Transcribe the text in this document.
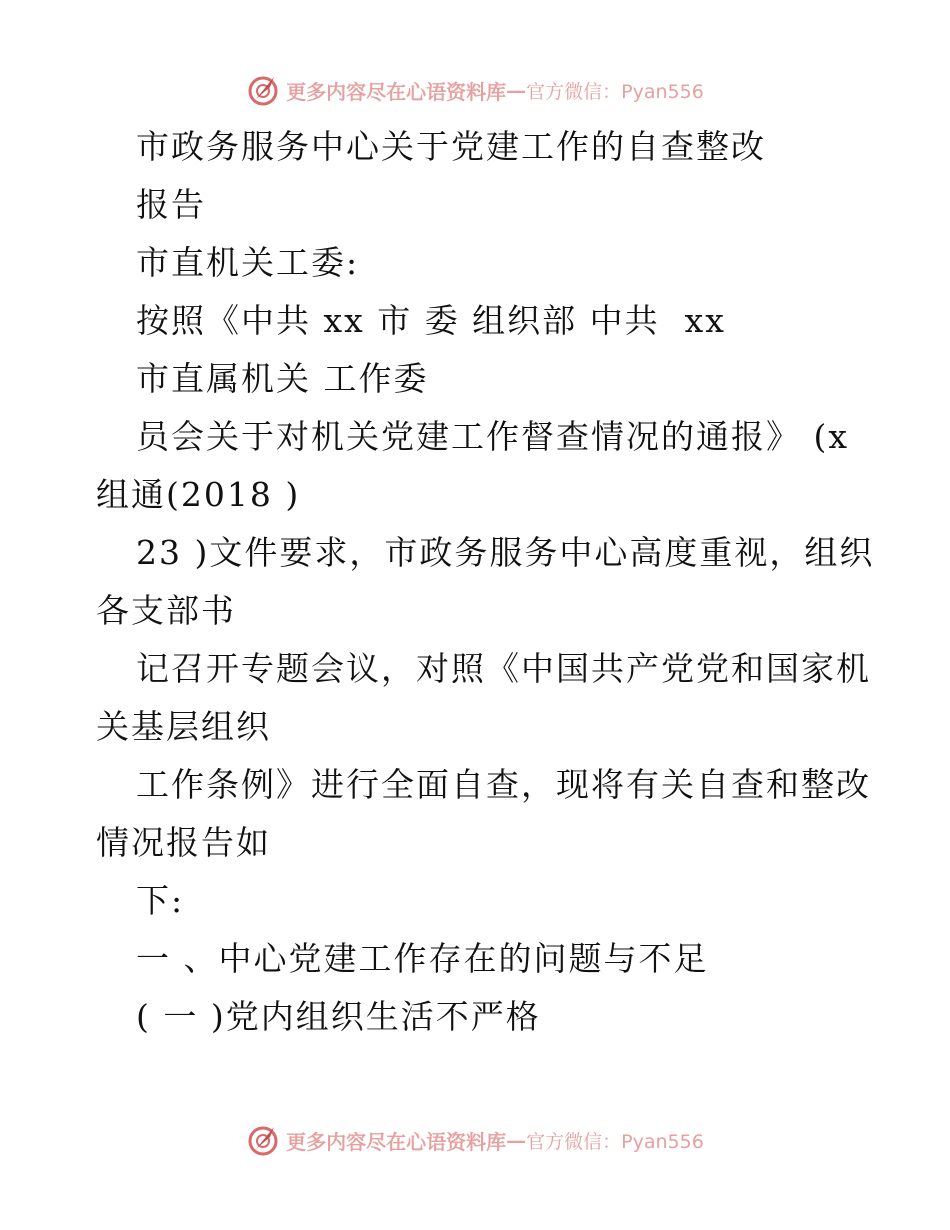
更多内容尽在心语资料库 — 官方微信：Pyan556
市政务服务中心关于党建工作的自查整改
报告
市直机关工委:
按照《中共 xx 市 委 组织部 中共  xx
市直属机关 工作委
员会关于对机关党建工作督查情况的通报》 (x
组通(2018 )
23 )文件要求，市政务服务中心高度重视，组织
各支部书
记召开专题会议，对照《中国共产党党和国家机
关基层组织
工作条例》进行全面自查，现将有关自查和整改
情况报告如
下:
一 、中心党建工作存在的问题与不足
( 一 )党内组织生活不严格
更多内容尽在心语资料库 — 官方微信：Pyan556
